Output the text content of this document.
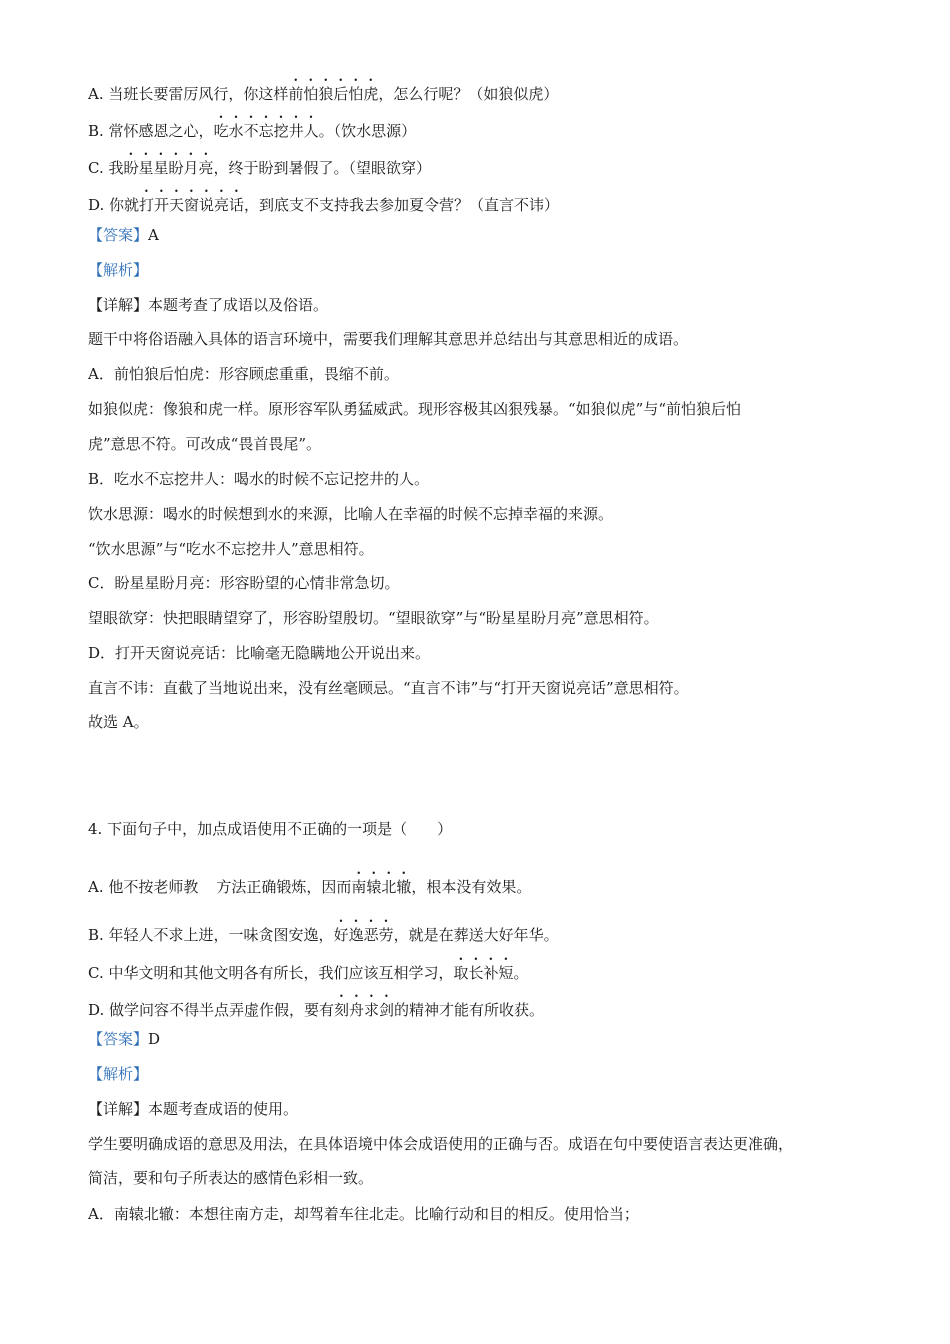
A. 当班长要雷厉风行，你这样前怕狼后怕虎，怎么行呢？（如狼似虎）
B. 常怀感恩之心，吃水不忘挖井人。（饮水思源）
C. 我盼星星盼月亮，终于盼到暑假了。（望眼欲穿）
D. 你就打开天窗说亮话，到底支不支持我去参加夏令营？（直言不讳）
【答案】A
【解析】
【详解】本题考查了成语以及俗语。
题干中将俗语融入具体的语言环境中，需要我们理解其意思并总结出与其意思相近的成语。
A．前怕狼后怕虎：形容顾虑重重，畏缩不前。
如狼似虎：像狼和虎一样。原形容军队勇猛威武。现形容极其凶狠残暴。“如狼似虎”与“前怕狼后怕
虎”意思不符。可改成“畏首畏尾”。
B．吃水不忘挖井人：喝水的时候不忘记挖井的人。
饮水思源：喝水的时候想到水的来源，比喻人在幸福的时候不忘掉幸福的来源。
“饮水思源”与“吃水不忘挖井人”意思相符。
C．盼星星盼月亮：形容盼望的心情非常急切。
望眼欲穿：快把眼睛望穿了，形容盼望殷切。“望眼欲穿”与“盼星星盼月亮”意思相符。
D．打开天窗说亮话：比喻毫无隐瞒地公开说出来。
直言不讳：直截了当地说出来，没有丝毫顾忌。“直言不讳”与“打开天窗说亮话”意思相符。
故选 A。
4. 下面句子中，加点成语使用不正确的一项是（　　）
A. 他不按老师教 方法正确锻炼，因而南辕北辙，根本没有效果。
B. 年轻人不求上进，一味贪图安逸，好逸恶劳，就是在葬送大好年华。
C. 中华文明和其他文明各有所长，我们应该互相学习，取长补短。
D. 做学问容不得半点弄虚作假，要有刻舟求剑的精神才能有所收获。
【答案】D
【解析】
【详解】本题考查成语的使用。
学生要明确成语的意思及用法，在具体语境中体会成语使用的正确与否。成语在句中要使语言表达更准确，
简洁，要和句子所表达的感情色彩相一致。
A．南辕北辙：本想往南方走，却驾着车往北走。比喻行动和目的相反。使用恰当；
